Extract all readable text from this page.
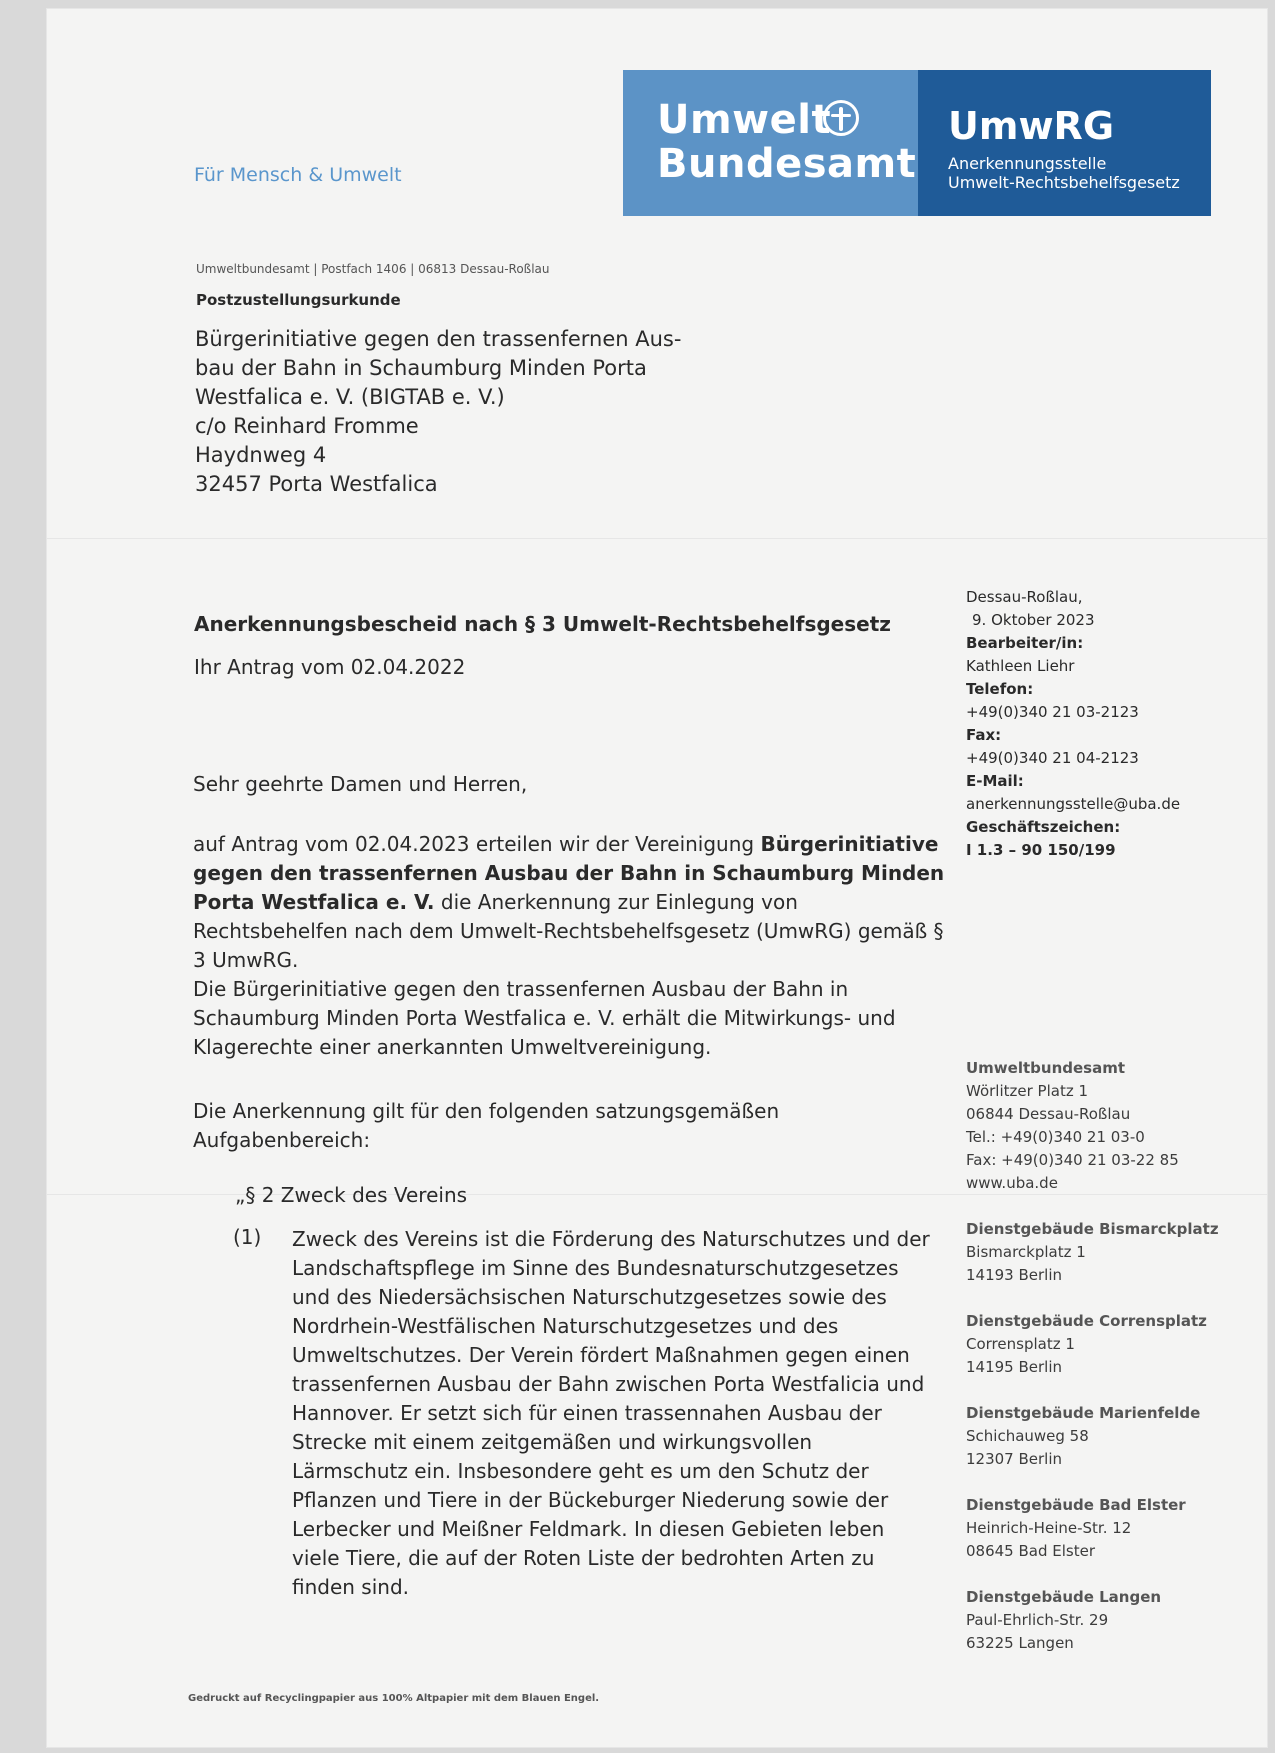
Umwelt
Bundesamt
UmwRG
Anerkennungsstelle
Umwelt-Rechtsbehelfsgesetz
Für Mensch & Umwelt
Umweltbundesamt | Postfach 1406 | 06813 Dessau-Roßlau
Postzustellungsurkunde
Bürgerinitiative gegen den trassenfernen Aus-
bau der Bahn in Schaumburg Minden Porta
Westfalica e. V. (BIGTAB e. V.)
c/o Reinhard Fromme
Haydnweg 4
32457 Porta Westfalica
Anerkennungsbescheid nach § 3 Umwelt-Rechtsbehelfsgesetz
Ihr Antrag vom 02.04.2022
Dessau-Roßlau,
9. Oktober 2023
Bearbeiter/in:
Kathleen Liehr
Telefon:
+49(0)340 21 03-2123
Fax:
+49(0)340 21 04-2123
E-Mail:
anerkennungsstelle@uba.de
Geschäftszeichen:
I 1.3 – 90 150/199
Sehr geehrte Damen und Herren,
auf Antrag vom 02.04.2023 erteilen wir der Vereinigung Bürgerinitiative gegen den trassenfernen Ausbau der Bahn in Schaumburg Minden Porta Westfalica e. V. die Anerkennung zur Einlegung von Rechtsbehelfen nach dem Umwelt-Rechtsbehelfsgesetz (UmwRG) gemäß § 3 UmwRG.
Die Bürgerinitiative gegen den trassenfernen Ausbau der Bahn in Schaumburg Minden Porta Westfalica e. V. erhält die Mitwirkungs- und Klagerechte einer anerkannten Umweltvereinigung.
Die Anerkennung gilt für den folgenden satzungsgemäßen Aufgabenbereich:
„§ 2 Zweck des Vereins
(1) Zweck des Vereins ist die Förderung des Naturschutzes und der Landschaftspflege im Sinne des Bundesnaturschutzgesetzes und des Niedersächsischen Naturschutzgesetzes sowie des Nordrhein-Westfälischen Naturschutzgesetzes und des Umweltschutzes. Der Verein fördert Maßnahmen gegen einen trassenfernen Ausbau der Bahn zwischen Porta Westfalicia und Hannover. Er setzt sich für einen trassennahen Ausbau der Strecke mit einem zeitgemäßen und wirkungsvollen Lärmschutz ein. Insbesondere geht es um den Schutz der Pflanzen und Tiere in der Bückeburger Niederung sowie der Lerbecker und Meißner Feldmark. In diesen Gebieten leben viele Tiere, die auf der Roten Liste der bedrohten Arten zu finden sind.
Umweltbundesamt
Wörlitzer Platz 1
06844 Dessau-Roßlau
Tel.: +49(0)340 21 03-0
Fax: +49(0)340 21 03-22 85
www.uba.de
Dienstgebäude Bismarckplatz
Bismarckplatz 1
14193 Berlin
Dienstgebäude Corrensplatz
Corrensplatz 1
14195 Berlin
Dienstgebäude Marienfelde
Schichauweg 58
12307 Berlin
Dienstgebäude Bad Elster
Heinrich-Heine-Str. 12
08645 Bad Elster
Dienstgebäude Langen
Paul-Ehrlich-Str. 29
63225 Langen
Gedruckt auf Recyclingpapier aus 100% Altpapier mit dem Blauen Engel.
